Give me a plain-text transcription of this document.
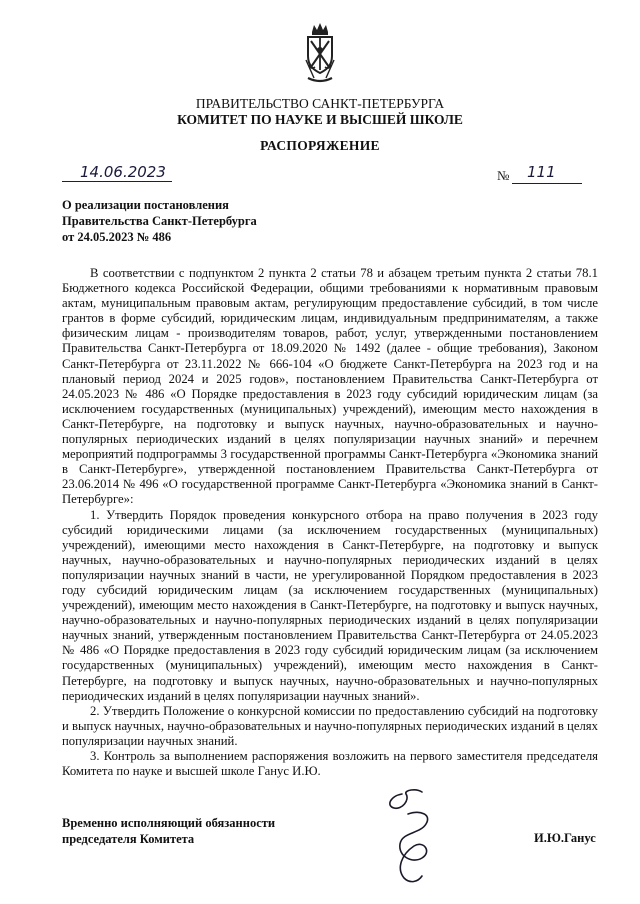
ПРАВИТЕЛЬСТВО САНКТ-ПЕТЕРБУРГА
КОМИТЕТ ПО НАУКЕ И ВЫСШЕЙ ШКОЛЕ
РАСПОРЯЖЕНИЕ
14.06.2023	№ 111
О реализации постановления
Правительства Санкт-Петербурга
от 24.05.2023 № 486

В соответствии с подпунктом 2 пункта 2 статьи 78 и абзацем третьим пункта 2 статьи 78.1 Бюджетного кодекса Российской Федерации, общими требованиями к нормативным правовым актам, муниципальным правовым актам, регулирующим предоставление субсидий, в том числе грантов в форме субсидий, юридическим лицам, индивидуальным предпринимателям, а также физическим лицам - производителям товаров, работ, услуг, утвержденными постановлением Правительства Санкт-Петербурга от 18.09.2020 № 1492 (далее - общие требования), Законом Санкт-Петербурга от 23.11.2022 № 666-104 «О бюджете Санкт-Петербурга на 2023 год и на плановый период 2024 и 2025 годов», постановлением Правительства Санкт-Петербурга от 24.05.2023 № 486 «О Порядке предоставления в 2023 году субсидий юридическим лицам (за исключением государственных (муниципальных) учреждений), имеющим место нахождения в Санкт-Петербурге, на подготовку и выпуск научных, научно-образовательных и научно-популярных периодических изданий в целях популяризации научных знаний» и перечнем мероприятий подпрограммы 3 государственной программы Санкт-Петербурга «Экономика знаний в Санкт-Петербурге», утвержденной постановлением Правительства Санкт-Петербурга от 23.06.2014 № 496 «О государственной программе Санкт-Петербурга «Экономика знаний в Санкт-Петербурге»:

1. Утвердить Порядок проведения конкурсного отбора на право получения в 2023 году субсидий юридическими лицами (за исключением государственных (муниципальных) учреждений), имеющими место нахождения в Санкт-Петербурге, на подготовку и выпуск научных, научно-образовательных и научно-популярных периодических изданий в целях популяризации научных знаний в части, не урегулированной Порядком предоставления в 2023 году субсидий юридическим лицам (за исключением государственных (муниципальных) учреждений), имеющим место нахождения в Санкт-Петербурге, на подготовку и выпуск научных, научно-образовательных и научно-популярных периодических изданий в целях популяризации научных знаний, утвержденным постановлением Правительства Санкт-Петербурга от 24.05.2023 № 486 «О Порядке предоставления в 2023 году субсидий юридическим лицам (за исключением государственных (муниципальных) учреждений), имеющим место нахождения в Санкт-Петербурге, на подготовку и выпуск научных, научно-образовательных и научно-популярных периодических изданий в целях популяризации научных знаний».

2. Утвердить Положение о конкурсной комиссии по предоставлению субсидий на подготовку и выпуск научных, научно-образовательных и научно-популярных периодических изданий в целях популяризации научных знаний.

3. Контроль за выполнением распоряжения возложить на первого заместителя председателя Комитета по науке и высшей школе Ганус И.Ю.

Временно исполняющий обязанности
председателя Комитета	И.Ю.Ганус
